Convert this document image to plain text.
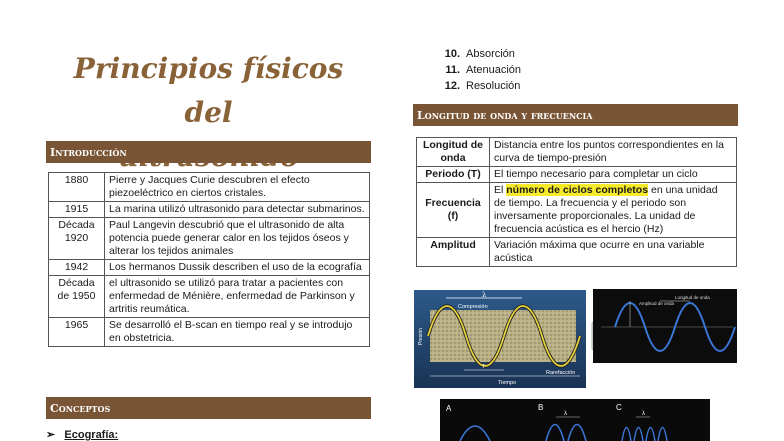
Principios físicos del
Introducción
1880	Pierre y Jacques Curie descubren el efecto piezoeléctrico en ciertos cristales.
1915	La marina utilizó ultrasonido para detectar submarinos.
Década 1920	Paul Langevin descubrió que el ultrasonido de alta potencia puede generar calor en los tejidos óseos y alterar los tejidos animales
1942	Los hermanos Dussik describen el uso de la ecografía
Década de 1950	el ultrasonido se utilizó para tratar a pacientes con enfermedad de Ménière, enfermedad de Parkinson y artritis reumática.
1965	Se desarrolló el B-scan en tiempo real y se introdujo en obstetricia.
Conceptos
➢ Ecografía:
10. Absorción
11. Atenuación
12. Resolución
Longitud de onda y frecuencia
Longitud de onda	Distancia entre los puntos correspondientes en la curva de tiempo-presión
Periodo (T)	El tiempo necesario para completar un ciclo
Frecuencia (f)	El número de ciclos completos en una unidad de tiempo. La frecuencia y el periodo son inversamente proporcionales. La unidad de frecuencia acústica es el hercio (Hz)
Amplitud	Variación máxima que ocurre en una variable acústica
λ
Compresión
Rarefacción
Presión
Tiempo
T
Amplitud de onda
Longitud de onda
A	B	C
λ	λ
